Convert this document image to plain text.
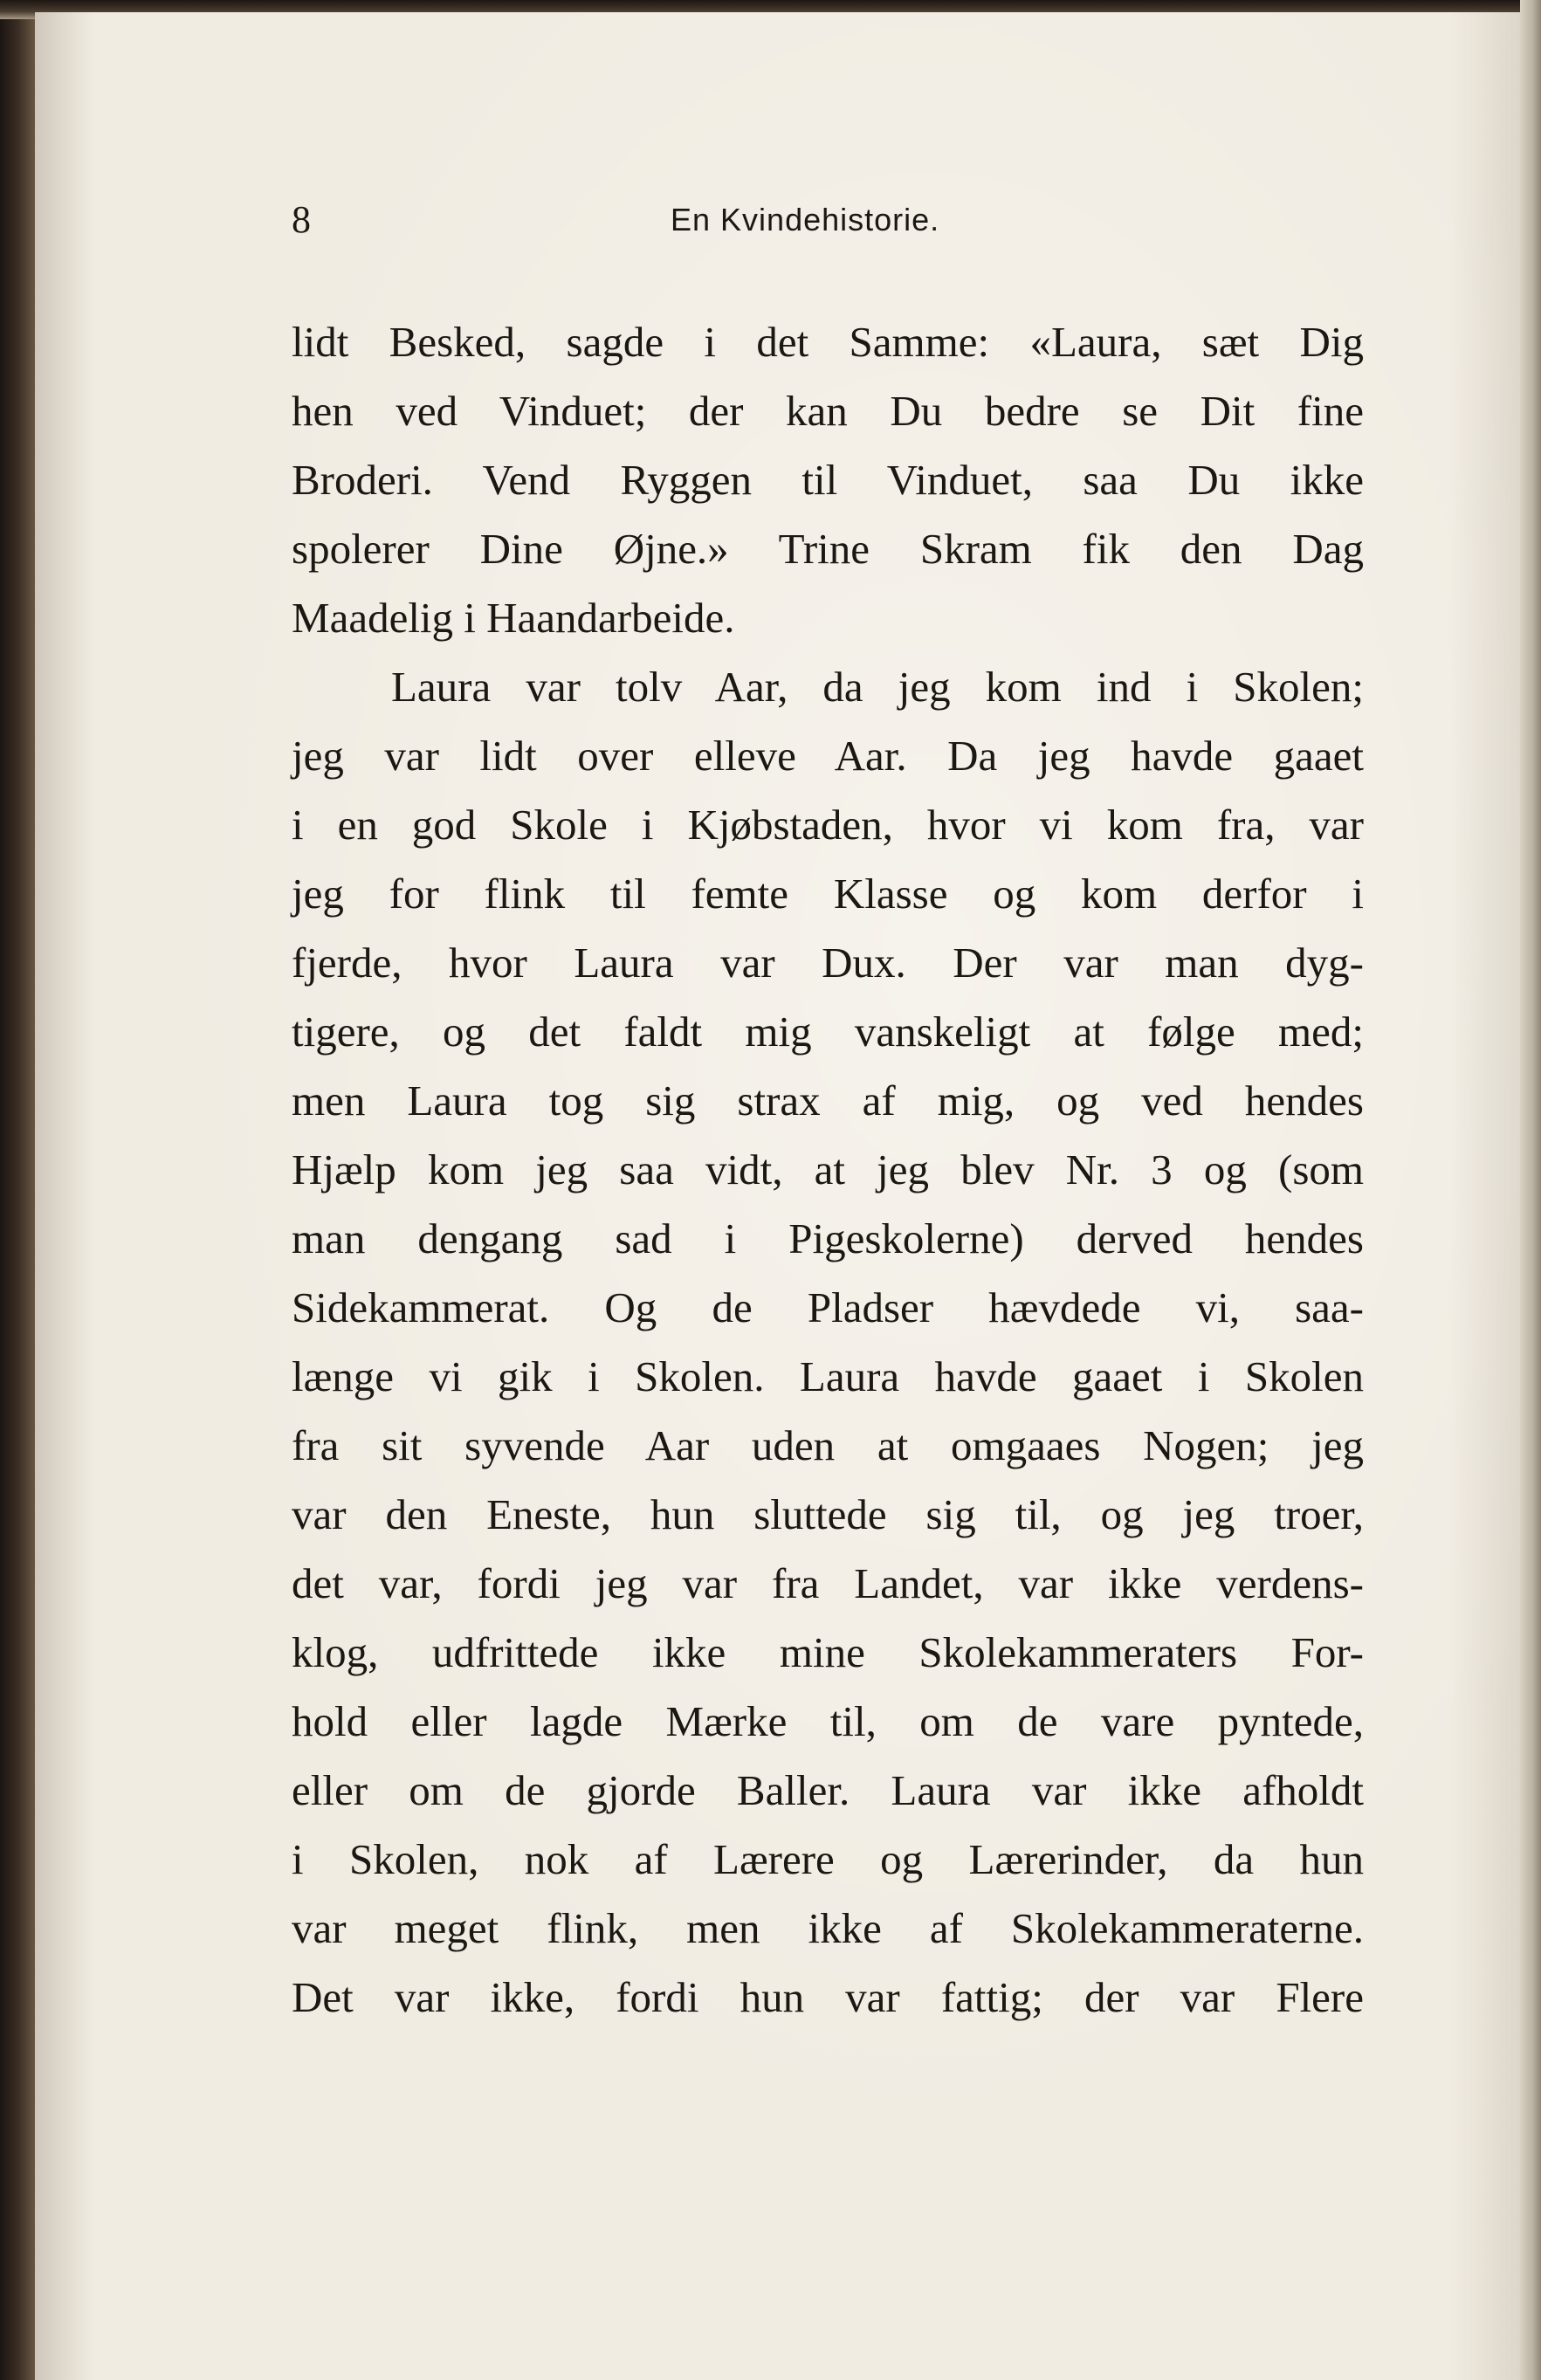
8	En Kvindehistorie.
lidt Besked, sagde i det Samme: «Laura, sæt Dig
hen ved Vinduet; der kan Du bedre se Dit fine
Broderi. Vend Ryggen til Vinduet, saa Du ikke
spolerer Dine Øjne.» Trine Skram fik den Dag
Maadelig i Haandarbeide.
Laura var tolv Aar, da jeg kom ind i Skolen;
jeg var lidt over elleve Aar. Da jeg havde gaaet
i en god Skole i Kjøbstaden, hvor vi kom fra, var
jeg for flink til femte Klasse og kom derfor i
fjerde, hvor Laura var Dux. Der var man dyg-
tigere, og det faldt mig vanskeligt at følge med;
men Laura tog sig strax af mig, og ved hendes
Hjælp kom jeg saa vidt, at jeg blev Nr. 3 og (som
man dengang sad i Pigeskolerne) derved hendes
Sidekammerat. Og de Pladser hævdede vi, saa-
længe vi gik i Skolen. Laura havde gaaet i Skolen
fra sit syvende Aar uden at omgaaes Nogen; jeg
var den Eneste, hun sluttede sig til, og jeg troer,
det var, fordi jeg var fra Landet, var ikke verdens-
klog, udfrittede ikke mine Skolekammeraters For-
hold eller lagde Mærke til, om de vare pyntede,
eller om de gjorde Baller. Laura var ikke afholdt
i Skolen, nok af Lærere og Lærerinder, da hun
var meget flink, men ikke af Skolekammeraterne.
Det var ikke, fordi hun var fattig; der var Flere
